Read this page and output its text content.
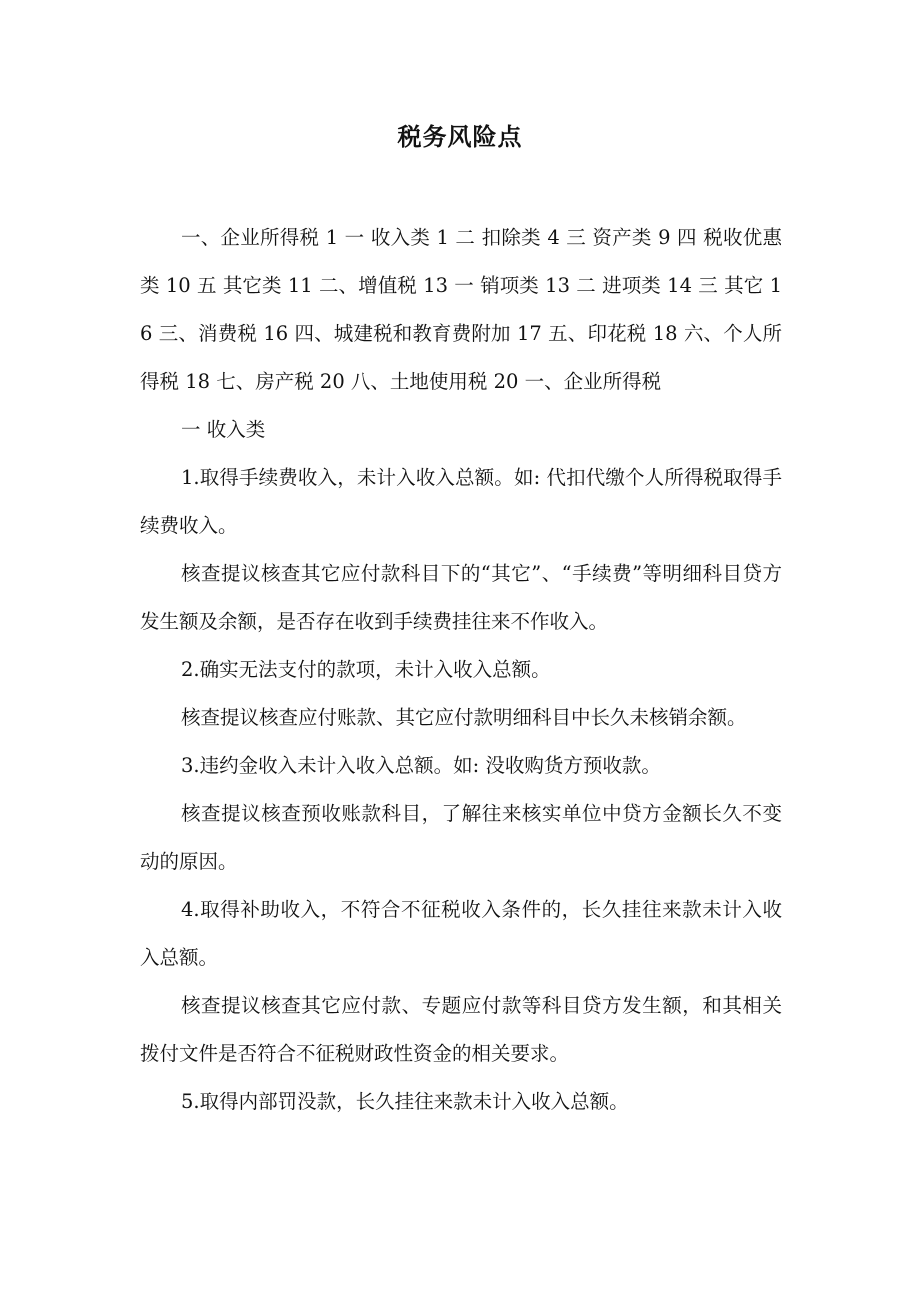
税务风险点

一、企业所得税 1 一 收入类 1 二 扣除类 4 三 资产类 9 四 税收优惠类 10 五 其它类 11 二、增值税 13 一 销项类 13 二 进项类 14 三 其它 16 三、消费税 16 四、城建税和教育费附加 17 五、印花税 18 六、个人所得税 18 七、房产税 20 八、土地使用税 20 一、企业所得税

一 收入类

1.取得手续费收入，未计入收入总额。如: 代扣代缴个人所得税取得手续费收入。

核查提议核查其它应付款科目下的“其它”、“手续费”等明细科目贷方发生额及余额，是否存在收到手续费挂往来不作收入。

2.确实无法支付的款项，未计入收入总额。

核查提议核查应付账款、其它应付款明细科目中长久未核销余额。

3.违约金收入未计入收入总额。如: 没收购货方预收款。

核查提议核查预收账款科目，了解往来核实单位中贷方金额长久不变动的原因。

4.取得补助收入，不符合不征税收入条件的，长久挂往来款未计入收入总额。

核查提议核查其它应付款、专题应付款等科目贷方发生额，和其相关拨付文件是否符合不征税财政性资金的相关要求。

5.取得内部罚没款，长久挂往来款未计入收入总额。
